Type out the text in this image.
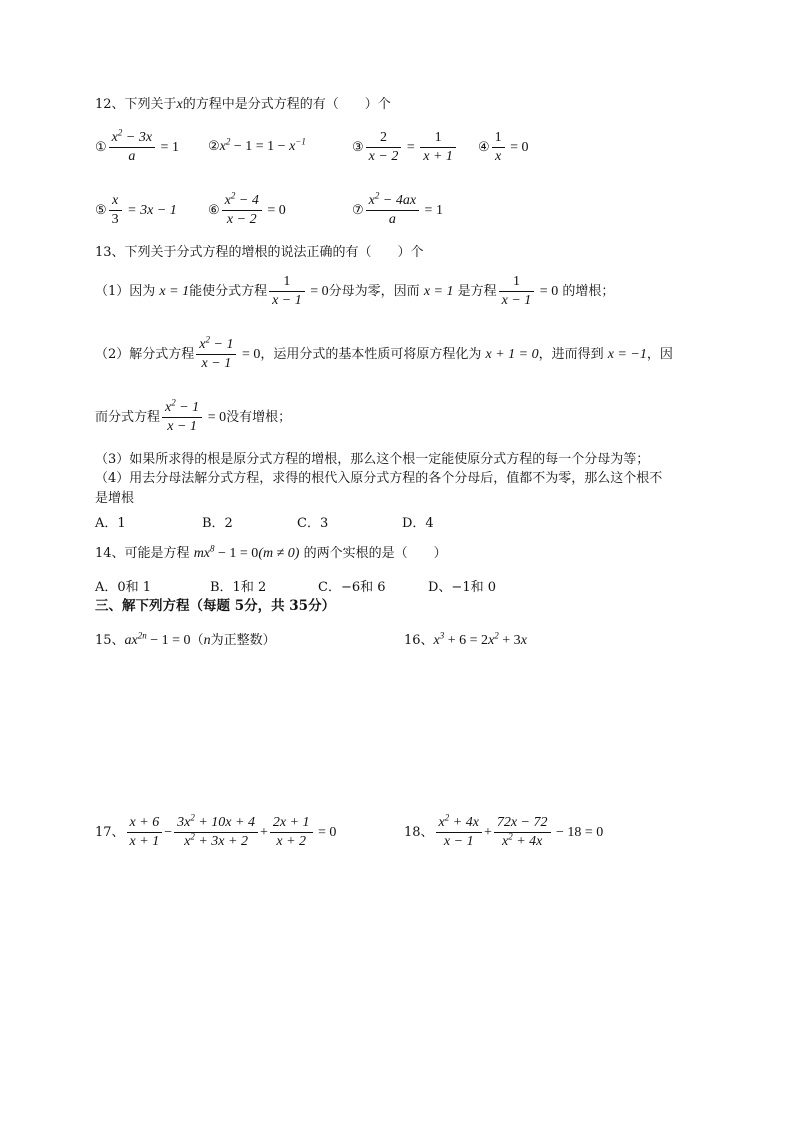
12、下列关于x的方程中是分式方程的有（　　）个
① $\frac{x^2 - 3x}{a} = 1$ $②x^2 - 1 = 1 - x^{-1}$	③ $\frac{2}{x - 2} = \frac{1}{x + 1}$ ④ $\frac{1}{x} = 0$
⑤ $\frac{x}{3} = 3x - 1$ ⑥ $\frac{x^2 - 4}{x - 2} = 0$	⑦ $\frac{x^2 - 4ax}{a} = 1$
13、下列关于分式方程的增根的说法正确的有（　　）个
（1）因为 x = 1能使分式方程 $\frac{1}{x - 1} = 0$分母为零，因而 x = 1 是方程 $\frac{1}{x - 1} = 0$ 的增根；
（2）解分式方程 $\frac{x^2 - 1}{x - 1} = 0$，运用分式的基本性质可将原方程化为 x + 1 = 0，进而得到 x = −1，因
而分式方程 $\frac{x^2 - 1}{x - 1} = 0$没有增根；
（3）如果所求得的根是原分式方程的增根，那么这个根一定能使原分式方程的每一个分母为等；
（4）用去分母法解分式方程，求得的根代入原分式方程的各个分母后，值都不为零，那么这个根不
是增根
A．1	B．2	C．3	D．4
14、可能是方程 $mx^8 - 1 = 0(m \ne 0)$ 的两个实根的是（　　）
A．0和 1	B．1和 2	C．−6和 6	D、−1和 0
三、解下列方程（每题 5分，共 35分）
15、$ax^{2n} - 1 = 0(n$为正整数）	16、$x^3 + 6 = 2x^2 + 3x$
17、 $\frac{x + 6}{x + 1} - \frac{3x^2 + 10x + 4}{x^2 + 3x + 2} + \frac{2x + 1}{x + 2} = 0$	18、 $\frac{x^2 + 4x}{x - 1} + \frac{72x - 72}{x^2 + 4x} - 18 = 0$
